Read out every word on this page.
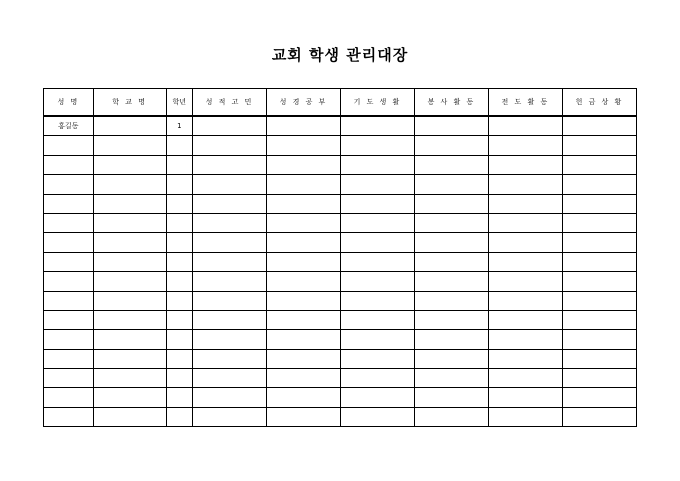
교회 학생 관리대장
성 명	학 교 명	학년	성 적 고 민	성 경 공 부	기 도 생 활	봉 사 활 동	전 도 활 동	헌 금 상 황
홍길동		1						
